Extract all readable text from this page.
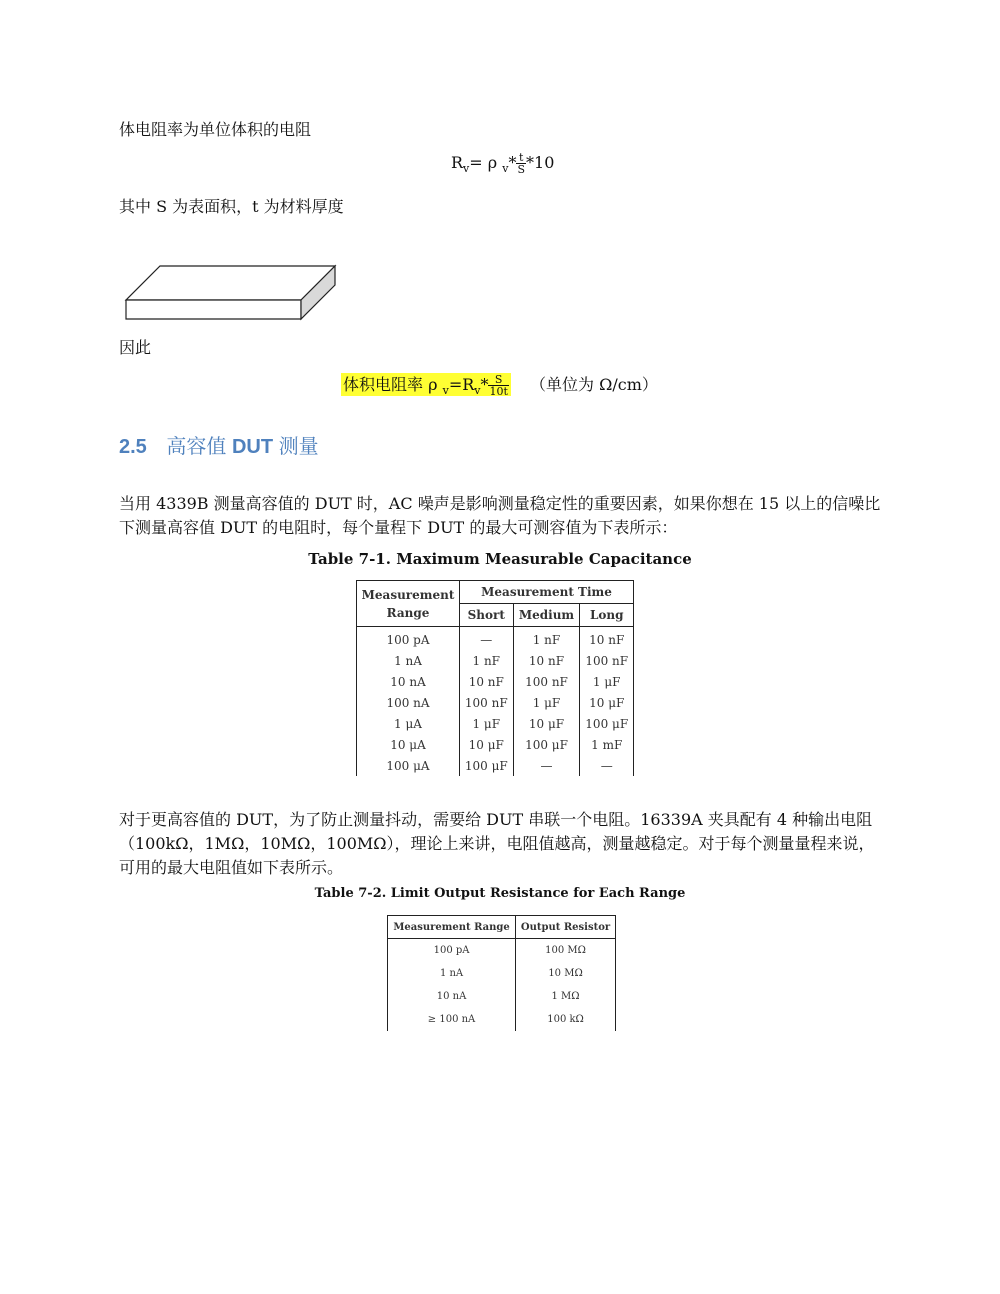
体电阻率为单位体积的电阻
$R_v= \rho$ $_v* \frac{t}{S} *10$
其中 S 为表面积，t 为材料厚度
因此
体积电阻率 ρ $_v=R_v* \frac{S}{10t}$ （单位为 Ω/cm）
2.5 高容值 DUT 测量
当用 4339B 测量高容值的 DUT 时，AC 噪声是影响测量稳定性的重要因素，如果你想在 15 以上的信噪比下测量高容值 DUT 的电阻时，每个量程下 DUT 的最大可测容值为下表所示：
Table 7-1. Maximum Measurable Capacitance
Measurement Range	Measurement Time		
	Short	Medium	Long
100 pA	—	1 nF	10 nF
1 nA	1 nF	10 nF	100 nF
10 nA	10 nF	100 nF	1 μF
100 nA	100 nF	1 μF	10 μF
1 μA	1 μF	10 μF	100 μF
10 μA	10 μF	100 μF	1 mF
100 μA	100 μF	—	—
对于更高容值的 DUT，为了防止测量抖动，需要给 DUT 串联一个电阻。16339A 夹具配有 4 种输出电阻（100kΩ，1MΩ，10MΩ，100MΩ），理论上来讲，电阻值越高，测量越稳定。对于每个测量量程来说，可用的最大电阻值如下表所示。
Table 7-2. Limit Output Resistance for Each Range
Measurement Range	Output Resistor
100 pA	100 MΩ
1 nA	10 MΩ
10 nA	1 MΩ
≥ 100 nA	100 kΩ
